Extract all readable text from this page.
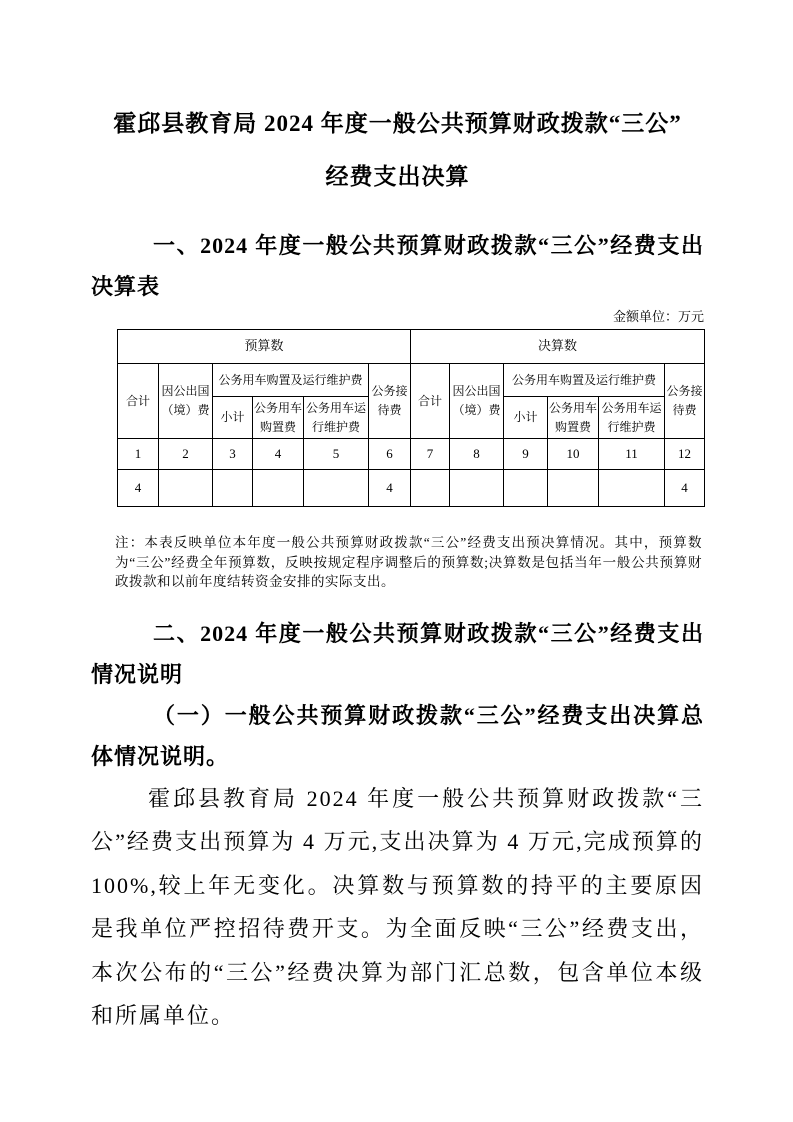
霍邱县教育局 2024 年度一般公共预算财政拨款“三公”
经费支出决算

一、2024 年度一般公共预算财政拨款“三公”经费支出决算表

金额单位：万元
预算数						决算数					
合计	因公出国（境）费	公务用车购置及运行维护费			公务接待费	合计	因公出国（境）费	公务用车购置及运行维护费			公务接待费
		小计	公务用车购置费	公务用车运行维护费				小计	公务用车购置费	公务用车运行维护费	
1	2	3	4	5	6	7	8	9	10	11	12
4					4						4

注：本表反映单位本年度一般公共预算财政拨款“三公”经费支出预决算情况。其中，预算数为“三公”经费全年预算数，反映按规定程序调整后的预算数;决算数是包括当年一般公共预算财政拨款和以前年度结转资金安排的实际支出。

二、2024 年度一般公共预算财政拨款“三公”经费支出情况说明

（一）一般公共预算财政拨款“三公”经费支出决算总体情况说明。

霍邱县教育局 2024 年度一般公共预算财政拨款“三公”经费支出预算为 4 万元,支出决算为 4 万元,完成预算的 100%,较上年无变化。决算数与预算数的持平的主要原因是我单位严控招待费开支。为全面反映“三公”经费支出，本次公布的“三公”经费决算为部门汇总数，包含单位本级和所属单位。
